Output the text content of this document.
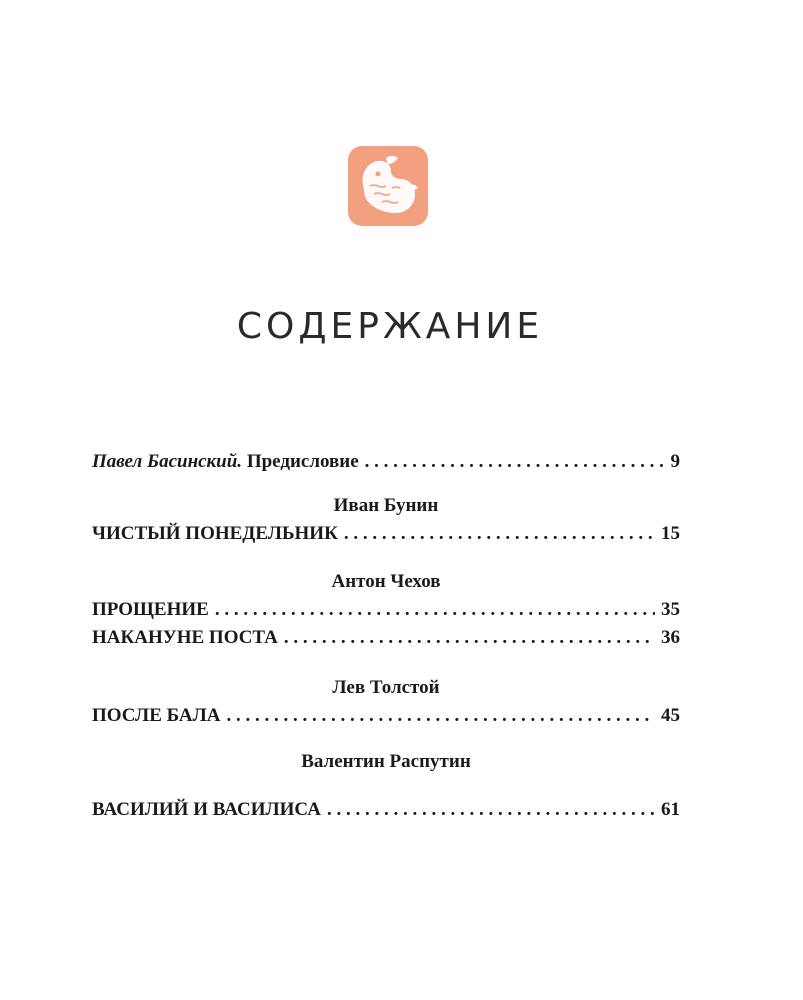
СОДЕРЖАНИЕ
Павел Басинский. Предисловие . . .	9
Иван Бунин
ЧИСТЫЙ ПОНЕДЕЛЬНИК . . .	15
Антон Чехов
ПРОЩЕНИЕ . . .	35
НАКАНУНЕ ПОСТА . . .	36
Лев Толстой
ПОСЛЕ БАЛА . . .	45
Валентин Распутин
ВАСИЛИЙ И ВАСИЛИСА . . .	61
